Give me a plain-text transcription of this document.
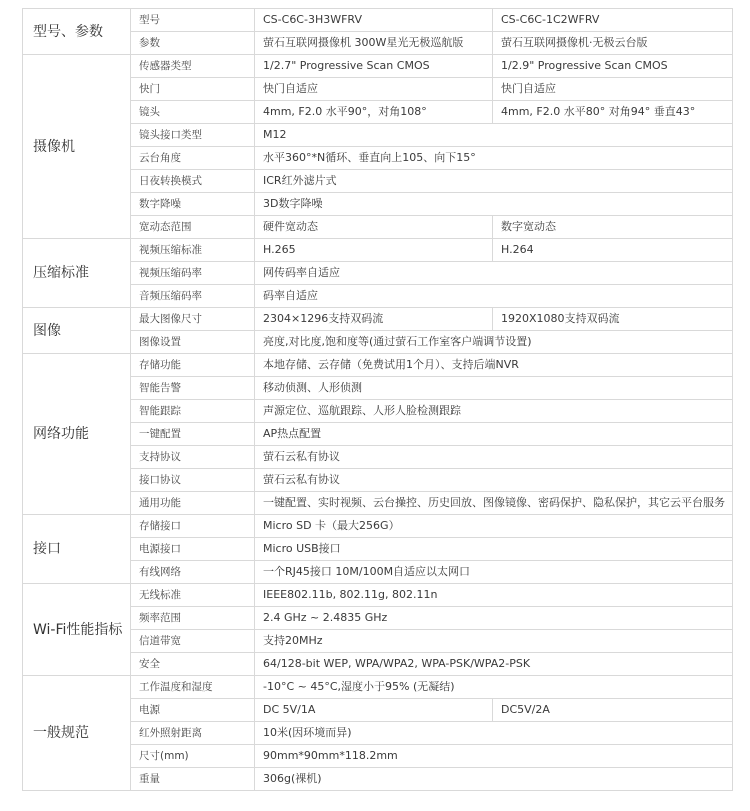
型号、参数	型号	CS-C6C-3H3WFRV	CS-C6C-1C2WFRV
	参数	萤石互联网摄像机 300W星光无极巡航版	萤石互联网摄像机·无极云台版
摄像机	传感器类型	1/2.7" Progressive Scan CMOS	1/2.9" Progressive Scan CMOS
	快门	快门自适应	快门自适应
	镜头	4mm, F2.0 水平90°，对角108°	4mm, F2.0 水平80° 对角94° 垂直43°
	镜头接口类型	M12	
	云台角度	水平360°*N循环、垂直向上105、向下15°	
	日夜转换模式	ICR红外滤片式	
	数字降噪	3D数字降噪	
	宽动态范围	硬件宽动态	数字宽动态
压缩标准	视频压缩标准	H.265	H.264
	视频压缩码率	网传码率自适应	
	音频压缩码率	码率自适应	
图像	最大图像尺寸	2304×1296支持双码流	1920X1080支持双码流
	图像设置	亮度,对比度,饱和度等(通过萤石工作室客户端调节设置)	
网络功能	存储功能	本地存储、云存储（免费试用1个月）、支持后端NVR	
	智能告警	移动侦测、人形侦测	
	智能跟踪	声源定位、巡航跟踪、人形人脸检测跟踪	
	一键配置	AP热点配置	
	支持协议	萤石云私有协议	
	接口协议	萤石云私有协议	
	通用功能	一键配置、实时视频、云台操控、历史回放、图像镜像、密码保护、隐私保护，其它云平台服务	
接口	存储接口	Micro SD 卡（最大256G）	
	电源接口	Micro USB接口	
	有线网络	一个RJ45接口 10M/100M自适应以太网口	
Wi-Fi性能指标	无线标准	IEEE802.11b, 802.11g, 802.11n	
	频率范围	2.4 GHz ~ 2.4835 GHz	
	信道带宽	支持20MHz	
	安全	64/128-bit WEP, WPA/WPA2, WPA-PSK/WPA2-PSK	
一般规范	工作温度和湿度	-10°C ~ 45°C,湿度小于95% (无凝结)	
	电源	DC 5V/1A	DC5V/2A
	红外照射距离	10米(因环境而异)	
	尺寸(mm)	90mm*90mm*118.2mm	
	重量	306g(裸机)	
